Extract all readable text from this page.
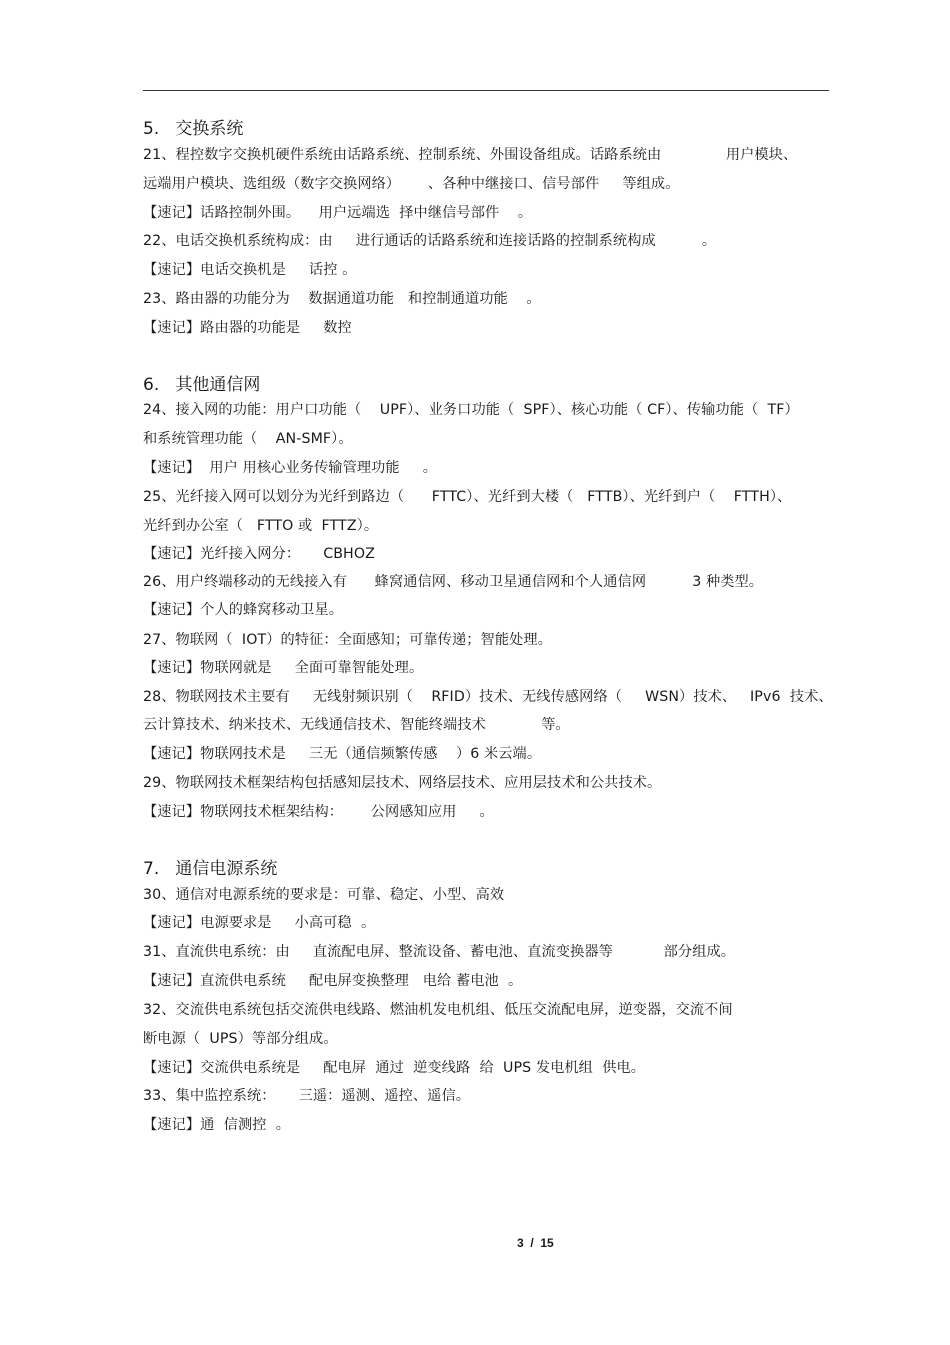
5.   交换系统
21、程控数字交换机硬件系统由话路系统、控制系统、外围设备组成。话路系统由              用户模块、
远端用户模块、选组级（数字交换网络）      、各种中继接口、信号部件     等组成。
【速记】话路控制外围。    用户远端选  择中继信号部件    。
22、电话交换机系统构成：由     进行通话的话路系统和连接话路的控制系统构成          。
【速记】电话交换机是     话控 。
23、路由器的功能分为    数据通道功能   和控制通道功能    。
【速记】路由器的功能是     数控
6.   其他通信网
24、接入网的功能：用户口功能（    UPF）、业务口功能（  SPF）、核心功能（ CF）、传输功能（  TF）
和系统管理功能（    AN-SMF）。
【速记】  用户 用核心业务传输管理功能     。
25、光纤接入网可以划分为光纤到路边（      FTTC）、光纤到大楼（   FTTB）、光纤到户（    FTTH）、
光纤到办公室（   FTTO 或  FTTZ）。
【速记】光纤接入网分：     CBHOZ
26、用户终端移动的无线接入有      蜂窝通信网、移动卫星通信网和个人通信网          3 种类型。
【速记】个人的蜂窝移动卫星。
27、物联网（  IOT）的特征：全面感知；可靠传递；智能处理。
【速记】物联网就是     全面可靠智能处理。
28、物联网技术主要有     无线射频识别（    RFID）技术、无线传感网络（     WSN）技术、   IPv6  技术、
云计算技术、纳米技术、无线通信技术、智能终端技术            等。
【速记】物联网技术是     三无（通信频繁传感    ）6 米云端。
29、物联网技术框架结构包括感知层技术、网络层技术、应用层技术和公共技术。
【速记】物联网技术框架结构：      公网感知应用     。
7.   通信电源系统
30、通信对电源系统的要求是：可靠、稳定、小型、高效
【速记】电源要求是     小高可稳  。
31、直流供电系统：由     直流配电屏、整流设备、蓄电池、直流变换器等           部分组成。
【速记】直流供电系统     配电屏变换整理   电给 蓄电池  。
32、交流供电系统包括交流供电线路、燃油机发电机组、低压交流配电屏，逆变器，交流不间
断电源（  UPS）等部分组成。
【速记】交流供电系统是     配电屏  通过  逆变线路  给  UPS 发电机组  供电。
33、集中监控系统：     三遥：遥测、遥控、遥信。
【速记】通  信测控  。
3  /  15
